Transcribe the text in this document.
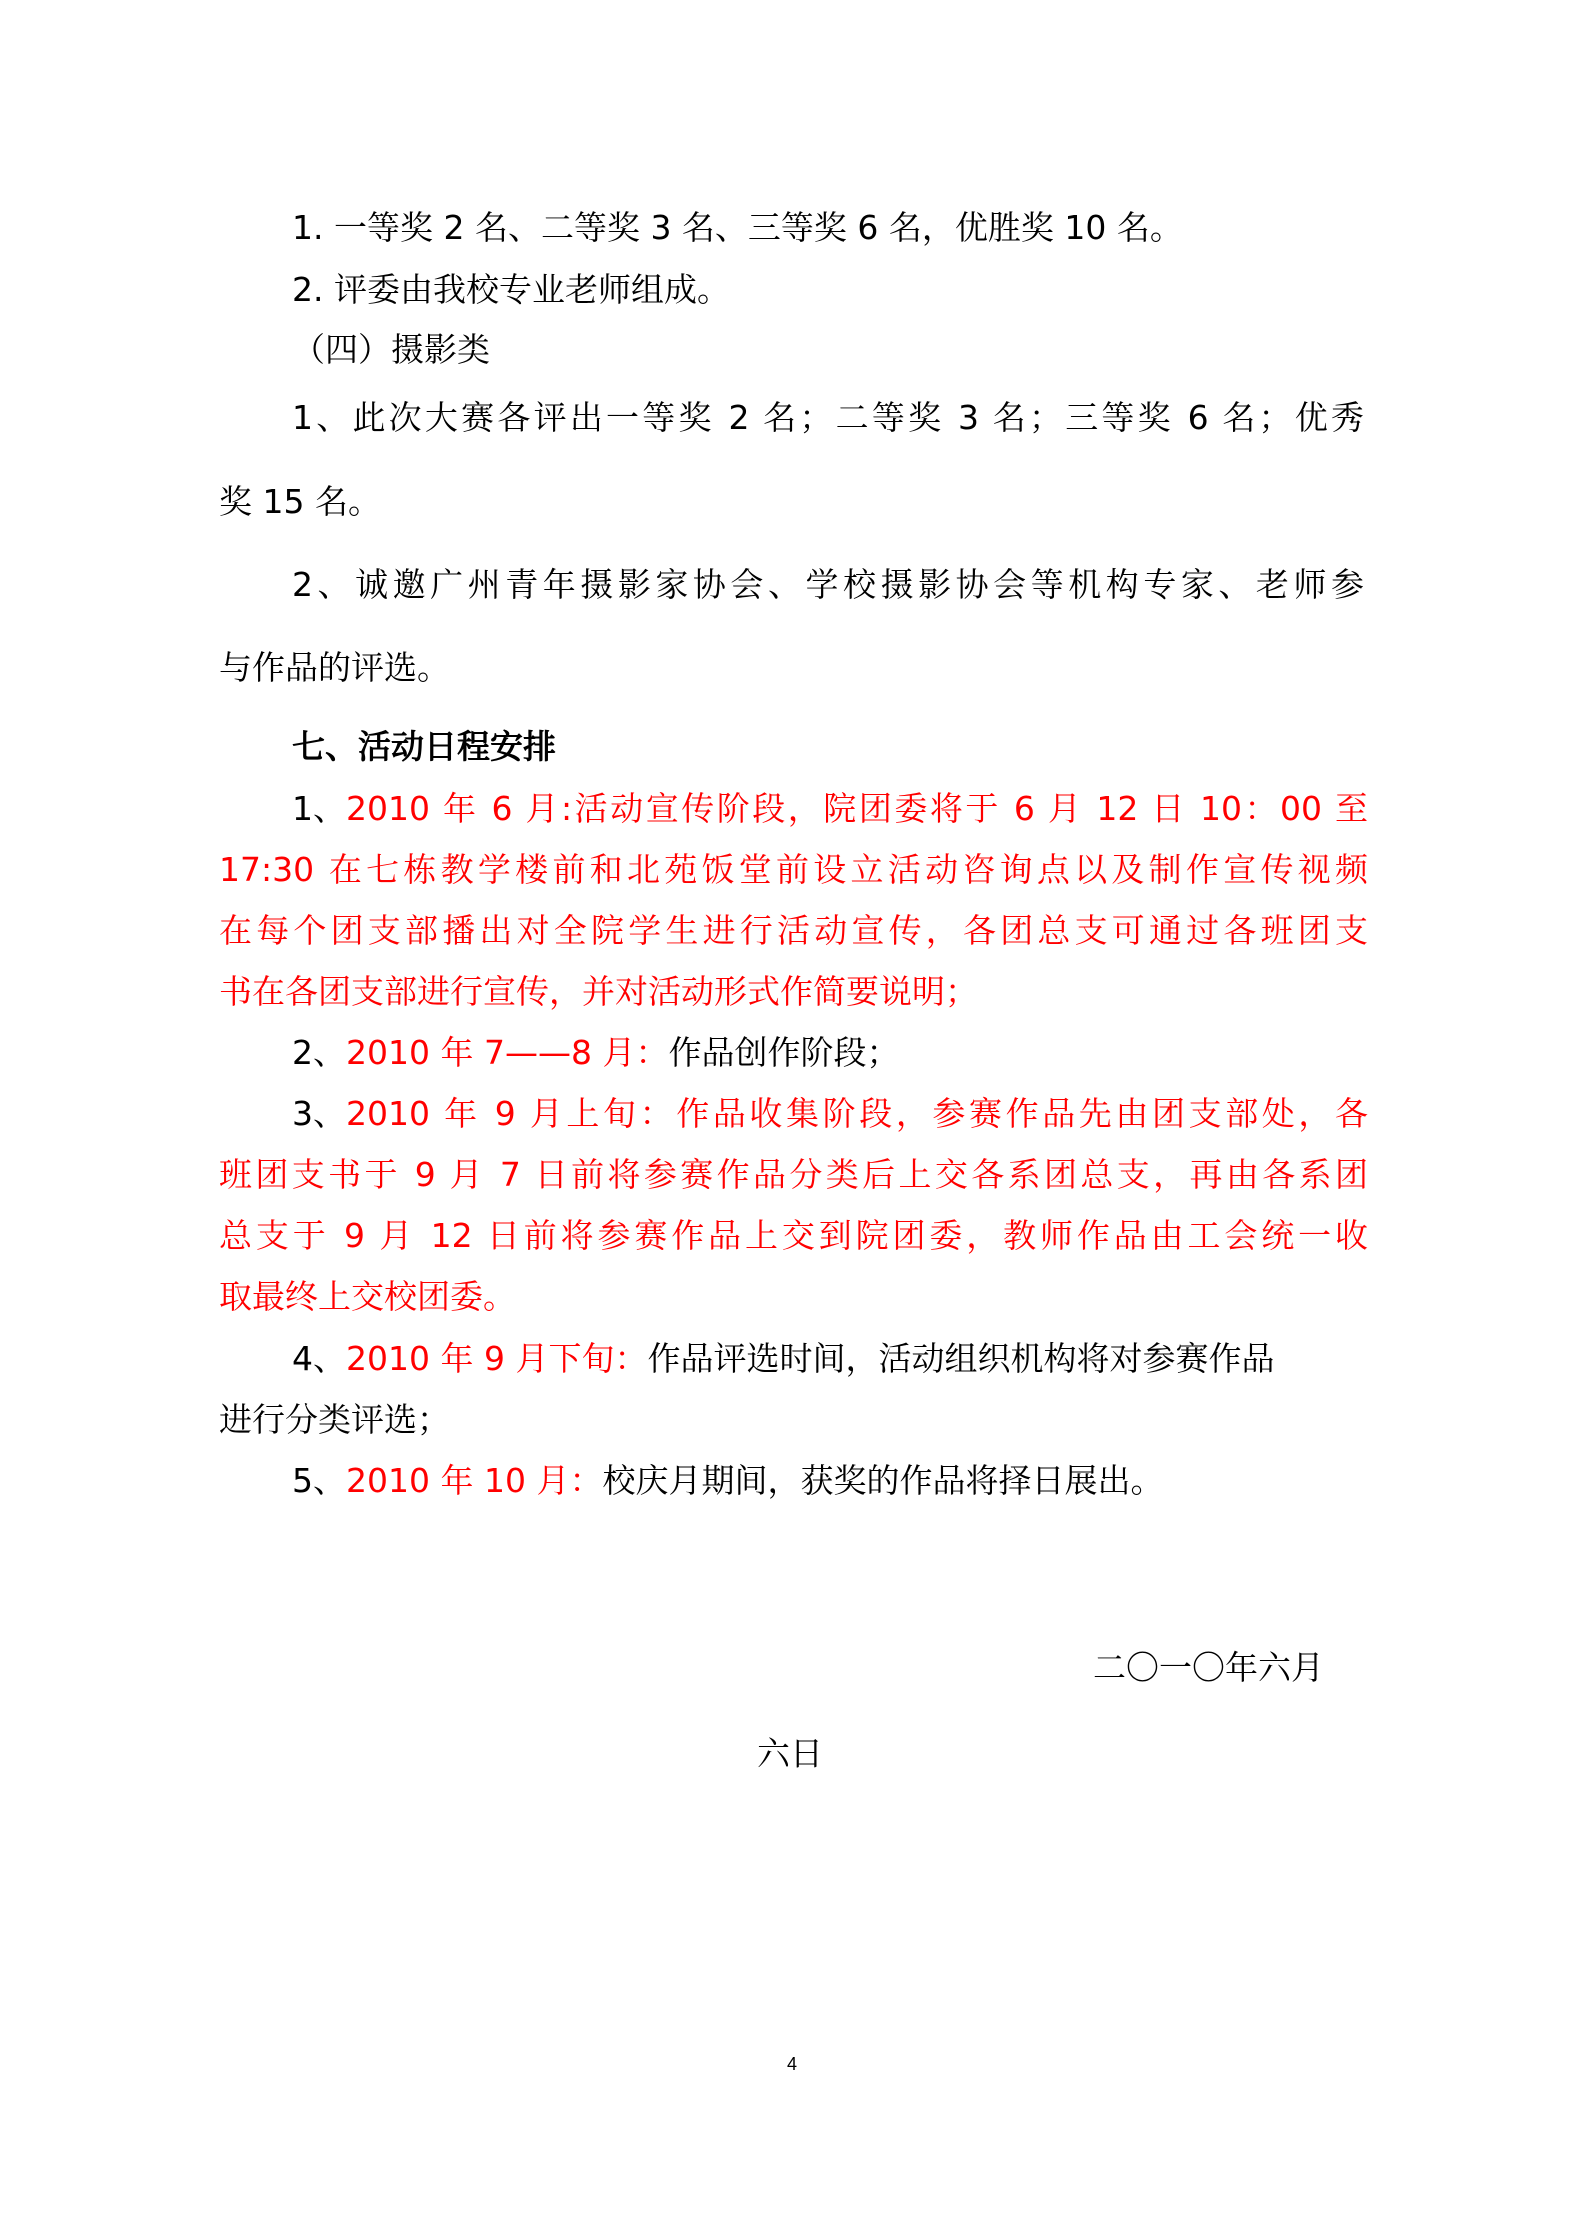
1. 一等奖 2 名、二等奖 3 名、三等奖 6 名，优胜奖 10 名。
2. 评委由我校专业老师组成。
（四）摄影类
1、此次大赛各评出一等奖 2 名；二等奖 3 名；三等奖 6 名；优秀
奖 15 名。
2、诚邀广州青年摄影家协会、学校摄影协会等机构专家、老师参
与作品的评选。
七、活动日程安排
1、 2010 年 6 月:活动宣传阶段，院团委将于 6 月 12 日 10：00 至
17:30 在七栋教学楼前和北苑饭堂前设立活动咨询点以及制作宣传视频
在每个团支部播出对全院学生进行活动宣传，各团总支可通过各班团支
书在各团支部进行宣传，并对活动形式作简要说明；
2、2010 年 7——8 月：作品创作阶段；
3、 2010 年 9 月上旬：作品收集阶段，参赛作品先由团支部处，各
班团支书于 9 月 7 日前将参赛作品分类后上交各系团总支，再由各系团
总支于 9 月 12 日前将参赛作品上交到院团委，教师作品由工会统一收
取最终上交校团委。
4、2010 年 9 月下旬：作品评选时间，活动组织机构将对参赛作品
进行分类评选；
5、2010 年 10 月：校庆月期间，获奖的作品将择日展出。
二〇一〇年六月
六日
4
